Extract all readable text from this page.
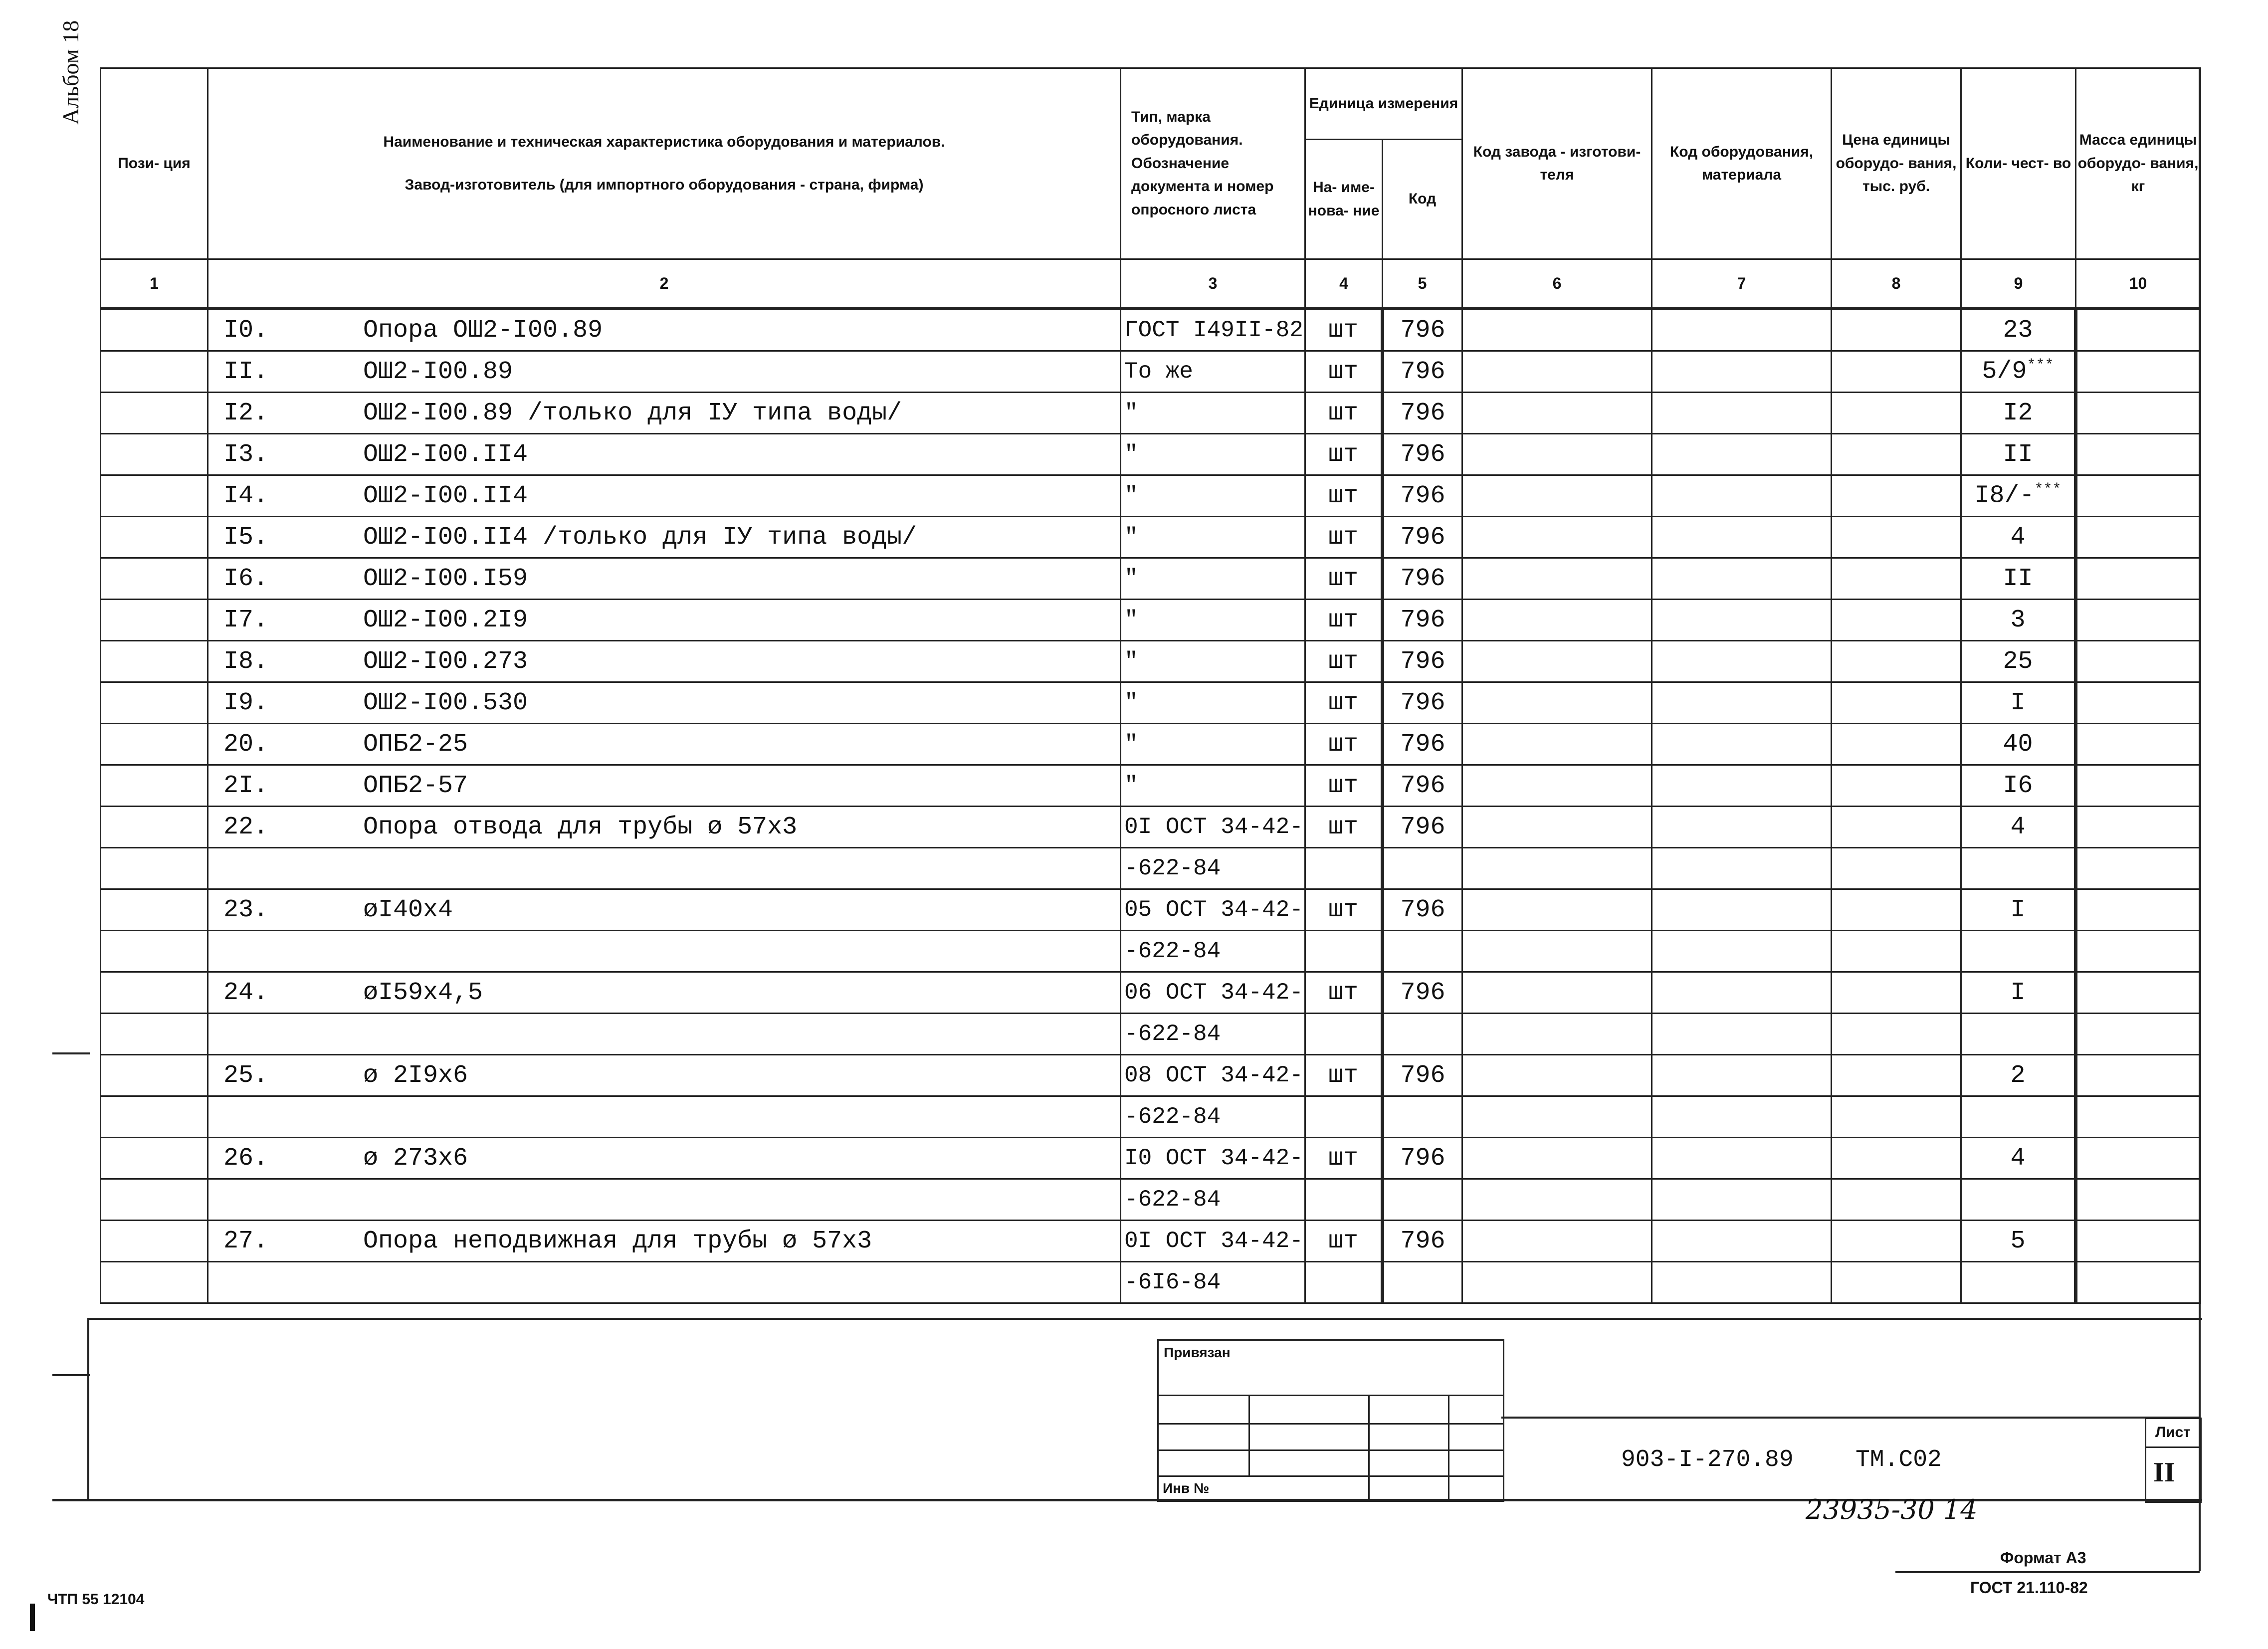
Альбом 18
Пози- ция	Наименование и техническая характеристика оборудования и материалов.
Завод-изготовитель (для импортного оборудования - страна, фирма)	Тип, марка оборудования. Обозначение документа и номер опросного листа	Единица измерения		Код завода - изготови- теля	Код оборудования, материала	Цена единицы оборудо- вания, тыс. руб.	Коли- чест- во	Масса единицы оборудо- вания, кг
			На- име- нова- ние	Код					
1	2	3	4	5	6	7	8	9	10
	I0. Опора ОШ2-I00.89	ГОСТ I49II-82	шт	796				23	
	II. ОШ2-I00.89	То же	шт	796				5/9***	
	I2. ОШ2-I00.89 /только для IУ типа воды/	"	шт	796				I2	
	I3. ОШ2-I00.II4	"	шт	796				II	
	I4. ОШ2-I00.II4	"	шт	796				I8/-***	
	I5. ОШ2-I00.II4 /только для IУ типа воды/	"	шт	796				4	
	I6. ОШ2-I00.I59	"	шт	796				II	
	I7. ОШ2-I00.2I9	"	шт	796				3	
	I8. ОШ2-I00.273	"	шт	796				25	
	I9. ОШ2-I00.530	"	шт	796				I	
	20. ОПБ2-25	"	шт	796				40	
	2I. ОПБ2-57	"	шт	796				I6	
	22. Опора отвода для трубы ø 57х3	0I ОСТ 34-42-	шт	796				4	
		-622-84							
	23. øI40х4	05 ОСТ 34-42-	шт	796				I	
		-622-84							
	24. øI59х4,5	06 ОСТ 34-42-	шт	796				I	
		-622-84							
	25. ø 2I9х6	08 ОСТ 34-42-	шт	796				2	
		-622-84							
	26. ø 273х6	I0 ОСТ 34-42-	шт	796				4	
		-622-84							
	27. Опора неподвижная для трубы ø 57х3	0I ОСТ 34-42-	шт	796				5	
		-6I6-84							
Привязан
Инв №
903-I-270.89	ТМ.С02
Лист
II
23935-30 14
Формат А3
ГОСТ 21.110-82
ЧТП 55 12104
